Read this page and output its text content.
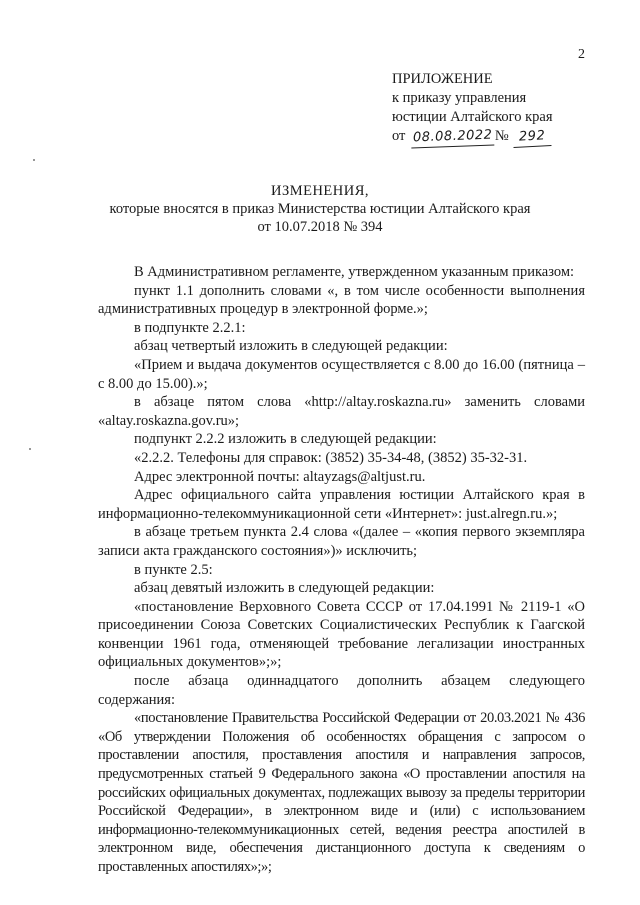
2
ПРИЛОЖЕНИЕ
к приказу управления
юстиции Алтайского края
от 08.08.2022 № 292
ИЗМЕНЕНИЯ,
которые вносятся в приказ Министерства юстиции Алтайского края
от 10.07.2018 № 394

В Административном регламенте, утвержденном указанным приказом:

пункт 1.1 дополнить словами «, в том числе особенности выполнения административных процедур в электронной форме.»;

в подпункте 2.2.1:

абзац четвертый изложить в следующей редакции:

«Прием и выдача документов осуществляется с 8.00 до 16.00 (пятница – с 8.00 до 15.00).»;

в абзаце пятом слова «http://altay.roskazna.ru» заменить словами «altay.roskazna.gov.ru»;

подпункт 2.2.2 изложить в следующей редакции:

«2.2.2. Телефоны для справок: (3852) 35-34-48, (3852) 35-32-31.

Адрес электронной почты: altayzags@altjust.ru.

Адрес официального сайта управления юстиции Алтайского края в информационно-телекоммуникационной сети «Интернет»: just.alregn.ru.»;

в абзаце третьем пункта 2.4 слова «(далее – «копия первого экземпляра записи акта гражданского состояния»)» исключить;

в пункте 2.5:

абзац девятый изложить в следующей редакции:

«постановление Верховного Совета СССР от 17.04.1991 № 2119-1 «О присоединении Союза Советских Социалистических Республик к Гаагской конвенции 1961 года, отменяющей требование легализации иностранных официальных документов»;»;

после абзаца одиннадцатого дополнить абзацем следующего содержания:

«постановление Правительства Российской Федерации от 20.03.2021 № 436 «Об утверждении Положения об особенностях обращения с запросом о проставлении апостиля, проставления апостиля и направления запросов, предусмотренных статьей 9 Федерального закона «О проставлении апостиля на российских официальных документах, подлежащих вывозу за пределы территории Российской Федерации», в электронном виде и (или) с использованием информационно-телекоммуникационных сетей, ведения реестра апостилей в электронном виде, обеспечения дистанционного доступа к сведениям о проставленных апостилях»;»;
